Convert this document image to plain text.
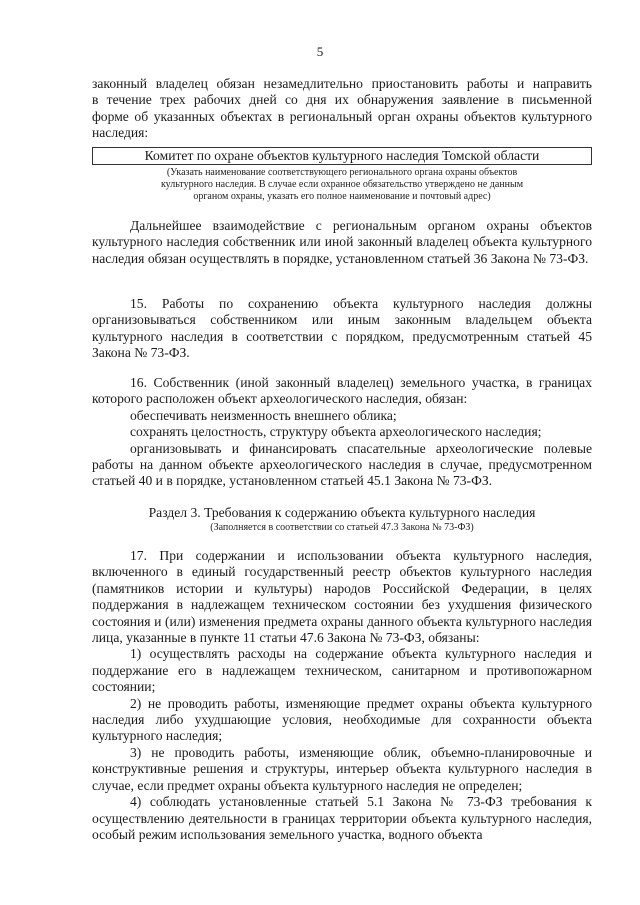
5
законный владелец обязан незамедлительно приостановить работы и направить
в течение трех рабочих дней со дня их обнаружения заявление в письменной
форме об указанных объектах в региональный орган охраны объектов культурного
наследия:
Комитет по охране объектов культурного наследия Томской области
(Указать наименование соответствующего регионального органа охраны объектов
культурного наследия. В случае если охранное обязательство утверждено не данным
органом охраны, указать его полное наименование и почтовый адрес)

Дальнейшее взаимодействие с региональным органом охраны объектов культурного наследия собственник или иной законный владелец объекта культурного наследия обязан осуществлять в порядке, установленном статьей 36 Закона № 73-ФЗ.

15. Работы по сохранению объекта культурного наследия должны организовываться собственником или иным законным владельцем объекта культурного наследия в соответствии с порядком, предусмотренным статьей 45 Закона № 73-ФЗ.

16. Собственник (иной законный владелец) земельного участка, в границах которого расположен объект археологического наследия, обязан:

обеспечивать неизменность внешнего облика;

сохранять целостность, структуру объекта археологического наследия;

организовывать и финансировать спасательные археологические полевые работы на данном объекте археологического наследия в случае, предусмотренном статьей 40 и в порядке, установленном статьей 45.1 Закона № 73-ФЗ.

Раздел 3. Требования к содержанию объекта культурного наследия
(Заполняется в соответствии со статьей 47.3 Закона № 73-ФЗ)

17. При содержании и использовании объекта культурного наследия, включенного в единый государственный реестр объектов культурного наследия (памятников истории и культуры) народов Российской Федерации, в целях поддержания в надлежащем техническом состоянии без ухудшения физического состояния и (или) изменения предмета охраны данного объекта культурного наследия лица, указанные в пункте 11 статьи 47.6 Закона № 73-ФЗ, обязаны:

1) осуществлять расходы на содержание объекта культурного наследия и поддержание его в надлежащем техническом, санитарном и противопожарном состоянии;

2) не проводить работы, изменяющие предмет охраны объекта культурного наследия либо ухудшающие условия, необходимые для сохранности объекта культурного наследия;

3) не проводить работы, изменяющие облик, объемно-планировочные и конструктивные решения и структуры, интерьер объекта культурного наследия в случае, если предмет охраны объекта культурного наследия не определен;

4) соблюдать установленные статьей 5.1 Закона № 73-ФЗ требования к осуществлению деятельности в границах территории объекта культурного наследия, особый режим использования земельного участка, водного объекта
